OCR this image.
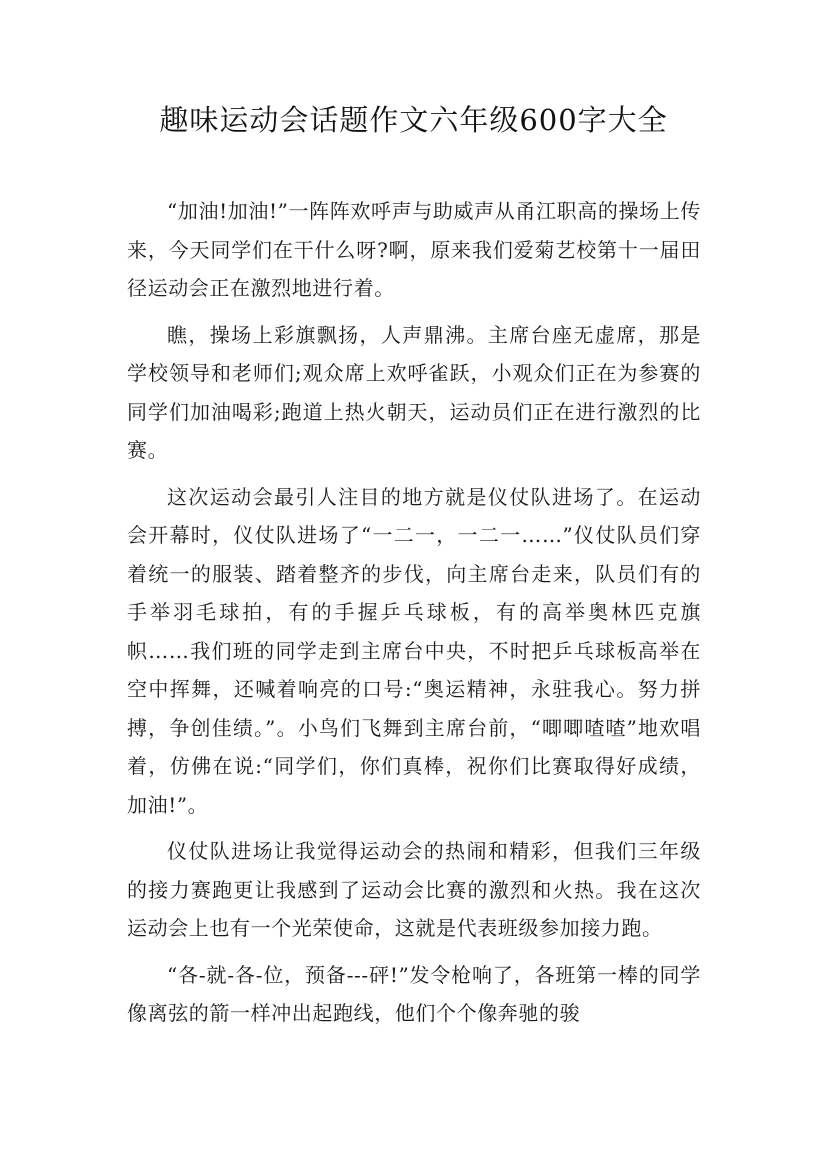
趣味运动会话题作文六年级600字大全

“加油!加油!”一阵阵欢呼声与助威声从甬江职高的操场上传来，今天同学们在干什么呀?啊，原来我们爱菊艺校第十一届田径运动会正在激烈地进行着。

瞧，操场上彩旗飘扬，人声鼎沸。主席台座无虚席，那是学校领导和老师们;观众席上欢呼雀跃，小观众们正在为参赛的同学们加油喝彩;跑道上热火朝天，运动员们正在进行激烈的比赛。

这次运动会最引人注目的地方就是仪仗队进场了。在运动会开幕时，仪仗队进场了“一二一，一二一……”仪仗队员们穿着统一的服装、踏着整齐的步伐，向主席台走来，队员们有的手举羽毛球拍，有的手握乒乓球板，有的高举奥林匹克旗帜……我们班的同学走到主席台中央，不时把乒乓球板高举在空中挥舞，还喊着响亮的口号:“奥运精神，永驻我心。努力拼搏，争创佳绩。”。小鸟们飞舞到主席台前，“唧唧喳喳”地欢唱着，仿佛在说:“同学们，你们真棒，祝你们比赛取得好成绩，加油!”。

仪仗队进场让我觉得运动会的热闹和精彩，但我们三年级的接力赛跑更让我感到了运动会比赛的激烈和火热。我在这次运动会上也有一个光荣使命，这就是代表班级参加接力跑。

“各-就-各-位，预备---砰!”发令枪响了，各班第一棒的同学像离弦的箭一样冲出起跑线，他们个个像奔驰的骏
